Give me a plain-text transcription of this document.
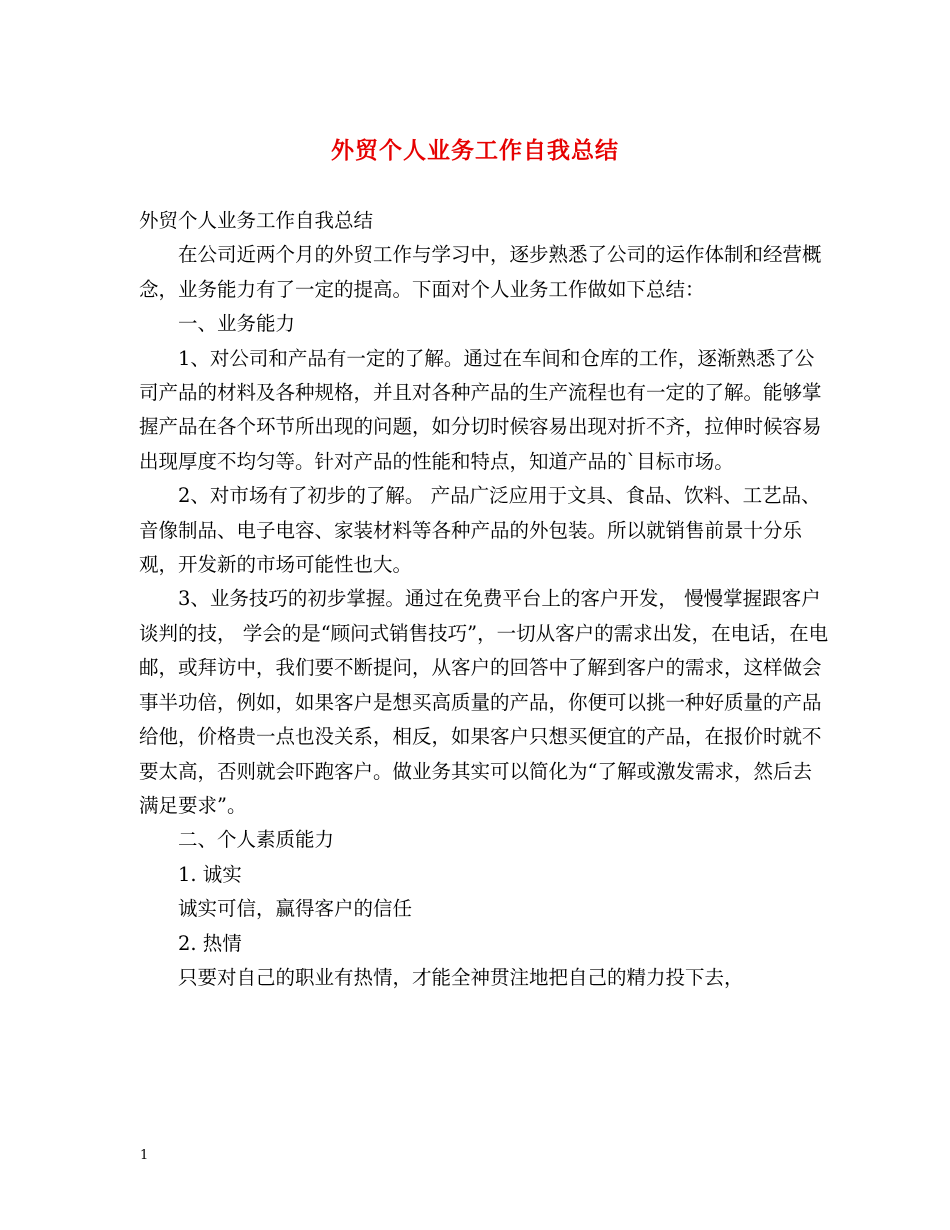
外贸个人业务工作自我总结

外贸个人业务工作自我总结

在公司近两个月的外贸工作与学习中，逐步熟悉了公司的运作体制和经营概念，业务能力有了一定的提高。下面对个人业务工作做如下总结：

一、业务能力

1、对公司和产品有一定的了解。通过在车间和仓库的工作，逐渐熟悉了公司产品的材料及各种规格，并且对各种产品的生产流程也有一定的了解。能够掌握产品在各个环节所出现的问题，如分切时候容易出现对折不齐，拉伸时候容易出现厚度不均匀等。针对产品的性能和特点，知道产品的`目标市场。

2、对市场有了初步的了解。 产品广泛应用于文具、食品、饮料、工艺品、音像制品、电子电容、家装材料等各种产品的外包装。所以就销售前景十分乐观，开发新的市场可能性也大。

3、业务技巧的初步掌握。通过在免费平台上的客户开发， 慢慢掌握跟客户谈判的技， 学会的是“顾问式销售技巧”，一切从客户的需求出发，在电话，在电邮，或拜访中，我们要不断提问，从客户的回答中了解到客户的需求，这样做会事半功倍，例如，如果客户是想买高质量的产品，你便可以挑一种好质量的产品给他，价格贵一点也没关系，相反，如果客户只想买便宜的产品，在报价时就不要太高，否则就会吓跑客户。做业务其实可以简化为“了解或激发需求，然后去满足要求”。

二、个人素质能力

1. 诚实

诚实可信，赢得客户的信任

2. 热情

只要对自己的职业有热情，才能全神贯注地把自己的精力投下去，

1
